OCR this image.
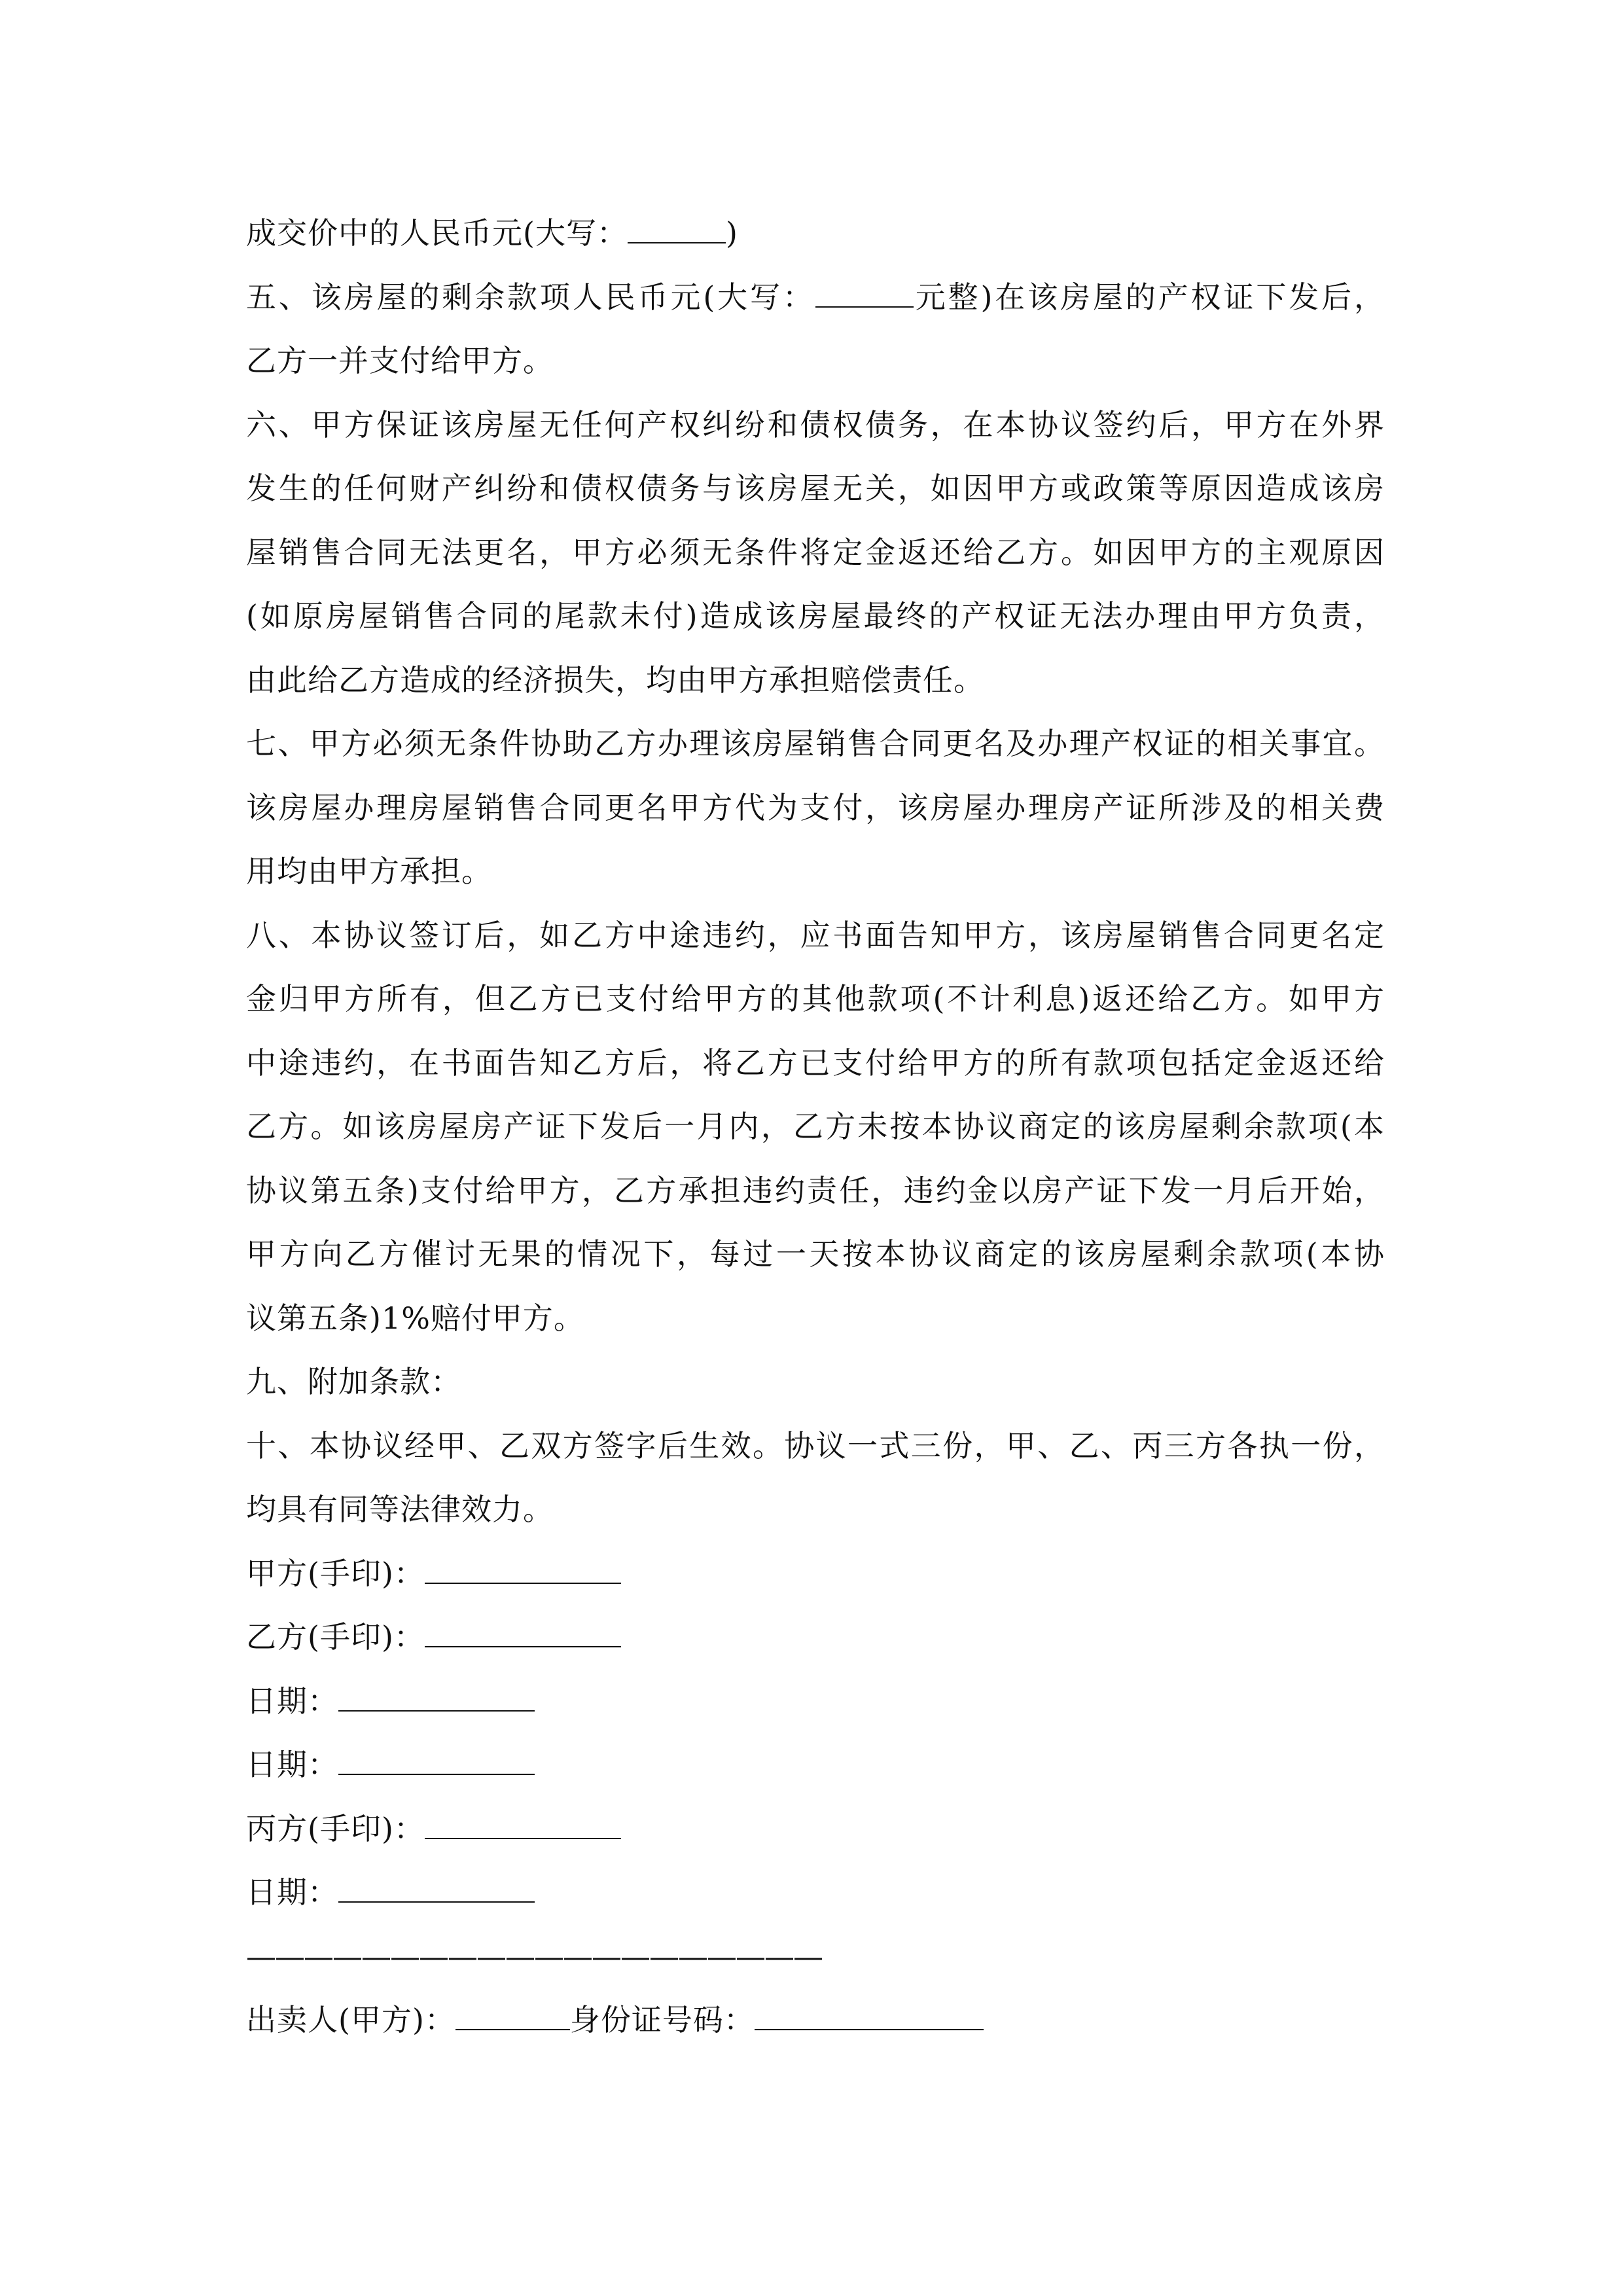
成交价中的人民币元(大写：	)
五、该房屋的剩余款项人民币元(大写：	元整)在该房屋的产权证下发后，
乙方一并支付给甲方。
六、甲方保证该房屋无任何产权纠纷和债权债务，在本协议签约后，甲方在外界
发生的任何财产纠纷和债权债务与该房屋无关，如因甲方或政策等原因造成该房
屋销售合同无法更名，甲方必须无条件将定金返还给乙方。如因甲方的主观原因
(如原房屋销售合同的尾款未付)造成该房屋最终的产权证无法办理由甲方负责，
由此给乙方造成的经济损失，均由甲方承担赔偿责任。
七、甲方必须无条件协助乙方办理该房屋销售合同更名及办理产权证的相关事宜。
该房屋办理房屋销售合同更名甲方代为支付，该房屋办理房产证所涉及的相关费
用均由甲方承担。
八、本协议签订后，如乙方中途违约，应书面告知甲方，该房屋销售合同更名定
金归甲方所有，但乙方已支付给甲方的其他款项(不计利息)返还给乙方。如甲方
中途违约，在书面告知乙方后，将乙方已支付给甲方的所有款项包括定金返还给
乙方。如该房屋房产证下发后一月内，乙方未按本协议商定的该房屋剩余款项(本
协议第五条)支付给甲方，乙方承担违约责任，违约金以房产证下发一月后开始，
甲方向乙方催讨无果的情况下，每过一天按本协议商定的该房屋剩余款项(本协
议第五条)1%赔付甲方。
九、附加条款：
十、本协议经甲、乙双方签字后生效。协议一式三份，甲、乙、丙三方各执一份，
均具有同等法律效力。
甲方(手印)：
乙方(手印)：
日期：
日期：
丙方(手印)：
日期：
————————————————————
出卖人(甲方)：	身份证号码：
